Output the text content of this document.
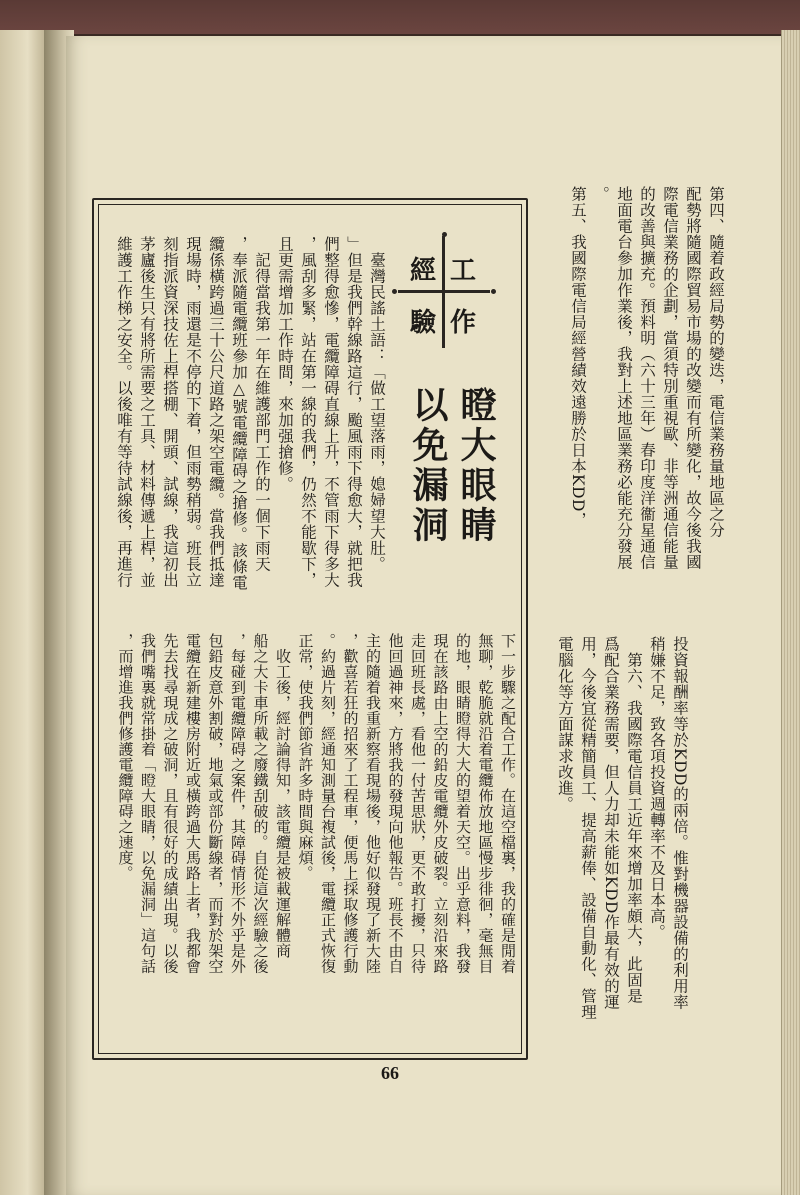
第四、隨着政經局勢的變迭，電信業務量地區之分

配勢將隨國際貿易市場的改變而有所變化，故今後我國

際電信業務的企劃，當須特別重視歐、非等洲通信能量

的改善與擴充。預料明（六十三年）春印度洋衞星通信

地面電台參加作業後，我對上述地區業務必能充分發展

。

第五、我國際電信局經營績效遠勝於日本KDD，

投資報酬率等於KDD的兩倍。惟對機器設備的利用率

稍嫌不足，致各項投資週轉率不及日本高。

　第六、我國際電信員工近年來增加率頗大，此固是

爲配合業務需要，但人力却未能如KDD作最有效的運

用，今後宜從精簡員工、提高薪俸、設備自動化、管理

電腦化等方面謀求改進。

工
作
經
驗
瞪大眼睛
以免漏洞

　臺灣民謠土語：「做工望落雨，媳婦望大肚。

」但是我們幹線路這行，颱風雨下得愈大，就把我

們整得愈慘，電纜障碍直線上升，不管雨下得多大

，風刮多緊，站在第一線的我們，仍然不能歇下，

且更需增加工作時間，來加强搶修。

　記得當我第一年在維護部門工作的一個下雨天

，奉派隨電纜班參加△號電纜障碍之搶修。該條電

纜係橫跨過三十公尺道路之架空電纜。當我們抵達

現場時，雨還是不停的下着，但雨勢稍弱。班長立

刻指派資深技佐上桿搭棚、開頭、試線，我這初出

茅廬後生只有將所需要之工具、材料傳遞上桿，並

維護工作梯之安全。以後唯有等待試線後，再進行

下一步驟之配合工作。在這空檔裏，我的確是閒着

無聊，乾脆就沿着電纜佈放地區慢步徘徊，毫無目

的地，眼睛瞪得大大的望着天空。出乎意料，我發

現在該路由上空的鉛皮電纜外皮破裂。立刻沿來路

走回班長處，看他一付苦思狀，更不敢打擾，只待

他回過神來，方將我的發現向他報告。班長不由自

主的隨着我重新察看現場後，他好似發現了新大陸

，歡喜若狂的招來了工程車，便馬上採取修護行動

。約過片刻，經通知測量台複試後，電纜正式恢復

正常，使我們節省許多時間與麻煩。

　收工後，經討論得知，該電纜是被載運解體商

船之大卡車所載之廢鐵刮破的。自從這次經驗之後

，每碰到電纜障碍之案件，其障碍情形不外乎是外

包鉛皮意外割破，地氣或部份斷線者，而對於架空

電纜在新建樓房附近或橫跨過大馬路上者，我都會

先去找尋現成之破洞，且有很好的成績出現。以後

我們嘴裏就常掛着「瞪大眼睛，以免漏洞」這句話

，而增進我們修護電纜障碍之速度。

66
